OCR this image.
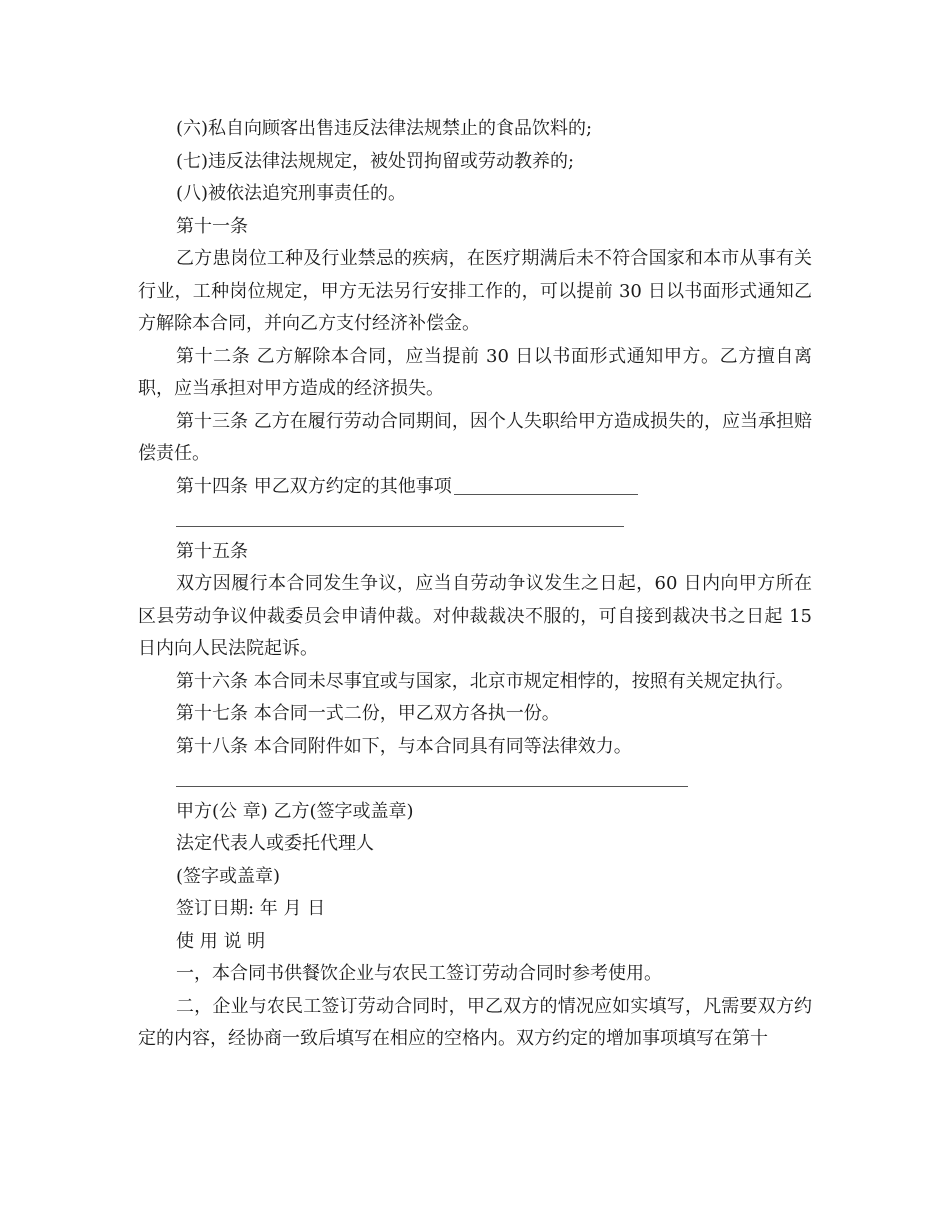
(六)私自向顾客出售违反法律法规禁止的食品饮料的;

(七)违反法律法规规定，被处罚拘留或劳动教养的;

(八)被依法追究刑事责任的。

第十一条

乙方患岗位工种及行业禁忌的疾病，在医疗期满后未不符合国家和本市从事有关行业，工种岗位规定，甲方无法另行安排工作的，可以提前 30 日以书面形式通知乙方解除本合同，并向乙方支付经济补偿金。

第十二条 乙方解除本合同，应当提前 30 日以书面形式通知甲方。乙方擅自离职，应当承担对甲方造成的经济损失。

第十三条 乙方在履行劳动合同期间，因个人失职给甲方造成损失的，应当承担赔偿责任。

第十四条 甲乙双方约定的其他事项

第十五条

双方因履行本合同发生争议，应当自劳动争议发生之日起，60 日内向甲方所在区县劳动争议仲裁委员会申请仲裁。对仲裁裁决不服的，可自接到裁决书之日起 15 日内向人民法院起诉。

第十六条 本合同未尽事宜或与国家，北京市规定相悖的，按照有关规定执行。

第十七条 本合同一式二份，甲乙双方各执一份。

第十八条 本合同附件如下，与本合同具有同等法律效力。

甲方(公 章) 乙方(签字或盖章)

法定代表人或委托代理人

(签字或盖章)

签订日期: 年 月 日

使 用 说 明

一，本合同书供餐饮企业与农民工签订劳动合同时参考使用。

二，企业与农民工签订劳动合同时，甲乙双方的情况应如实填写，凡需要双方约定的内容，经协商一致后填写在相应的空格内。双方约定的增加事项填写在第十
